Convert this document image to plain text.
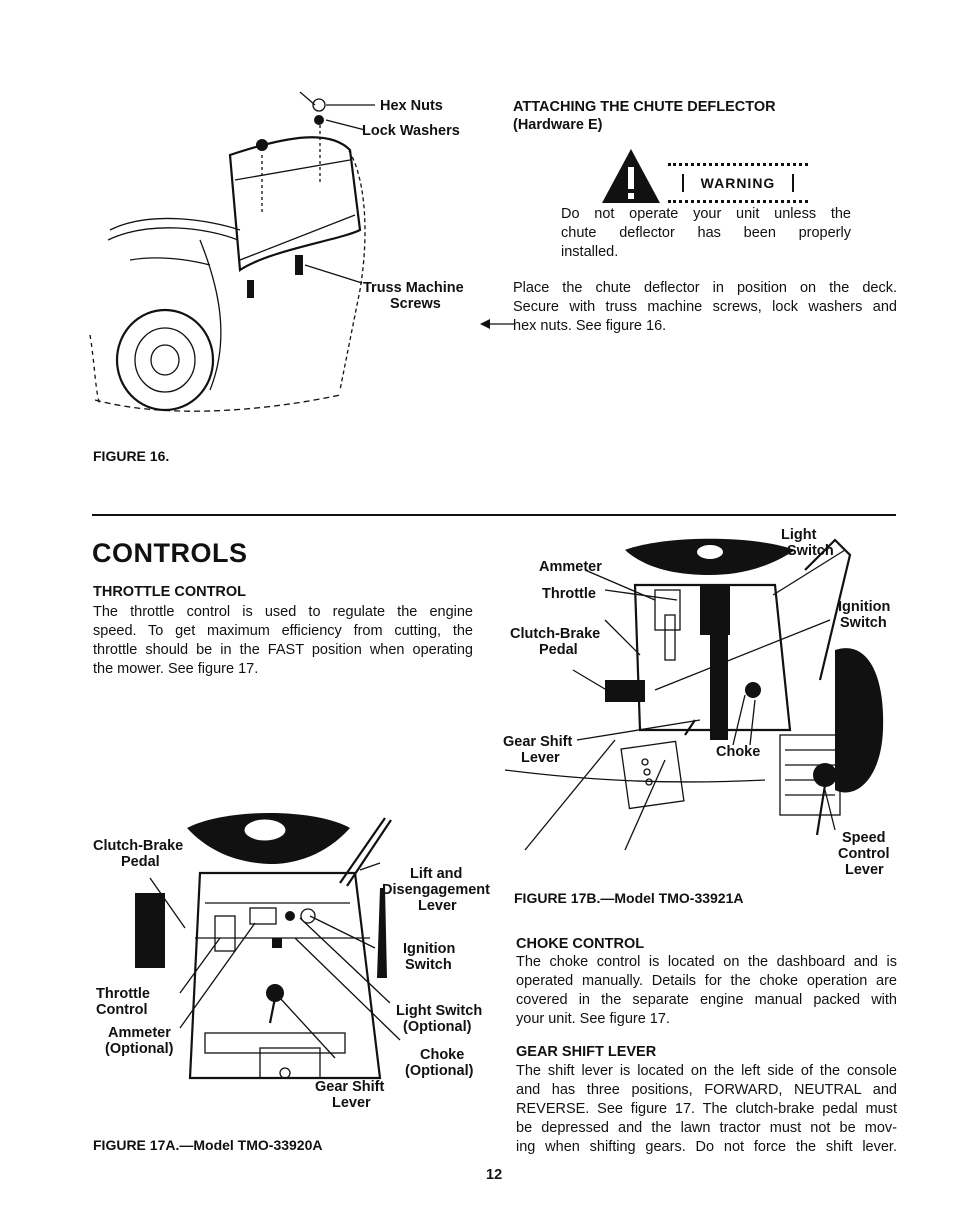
Hex Nuts
Lock Washers
Truss Machine
Screws
FIGURE 16.
ATTACHING THE CHUTE DEFLECTOR
(Hardware E)
WARNING
Do not operate your unit unless the
chute deflector has been properly
installed.
Place the chute deflector in position on the deck.
Secure with truss machine screws, lock washers and
hex nuts. See figure 16.
CONTROLS
THROTTLE CONTROL
The throttle control is used to regulate the engine
speed. To get maximum efficiency from cutting, the
throttle should be in the FAST position when operating
the mower. See figure 17.
Clutch-Brake
Pedal
Lift and
Disengagement
Lever
Ignition
Switch
Throttle
Control
Ammeter
(Optional)
Light Switch
(Optional)
Choke
(Optional)
Gear Shift
Lever
FIGURE 17A.—Model TMO-33920A
Light
Switch
Ammeter
Throttle
Clutch-Brake
Pedal
Ignition
Switch
Gear Shift
Lever	Choke
Speed
Control
Lever
FIGURE 17B.—Model TMO-33921A
CHOKE CONTROL
The choke control is located on the dashboard and is
operated manually. Details for the choke operation are
covered in the separate engine manual packed with
your unit. See figure 17.
GEAR SHIFT LEVER
The shift lever is located on the left side of the console
and has three positions, FORWARD, NEUTRAL and
REVERSE. See figure 17. The clutch-brake pedal must
be depressed and the lawn tractor must not be mov-
ing when shifting gears. Do not force the shift lever.
12
